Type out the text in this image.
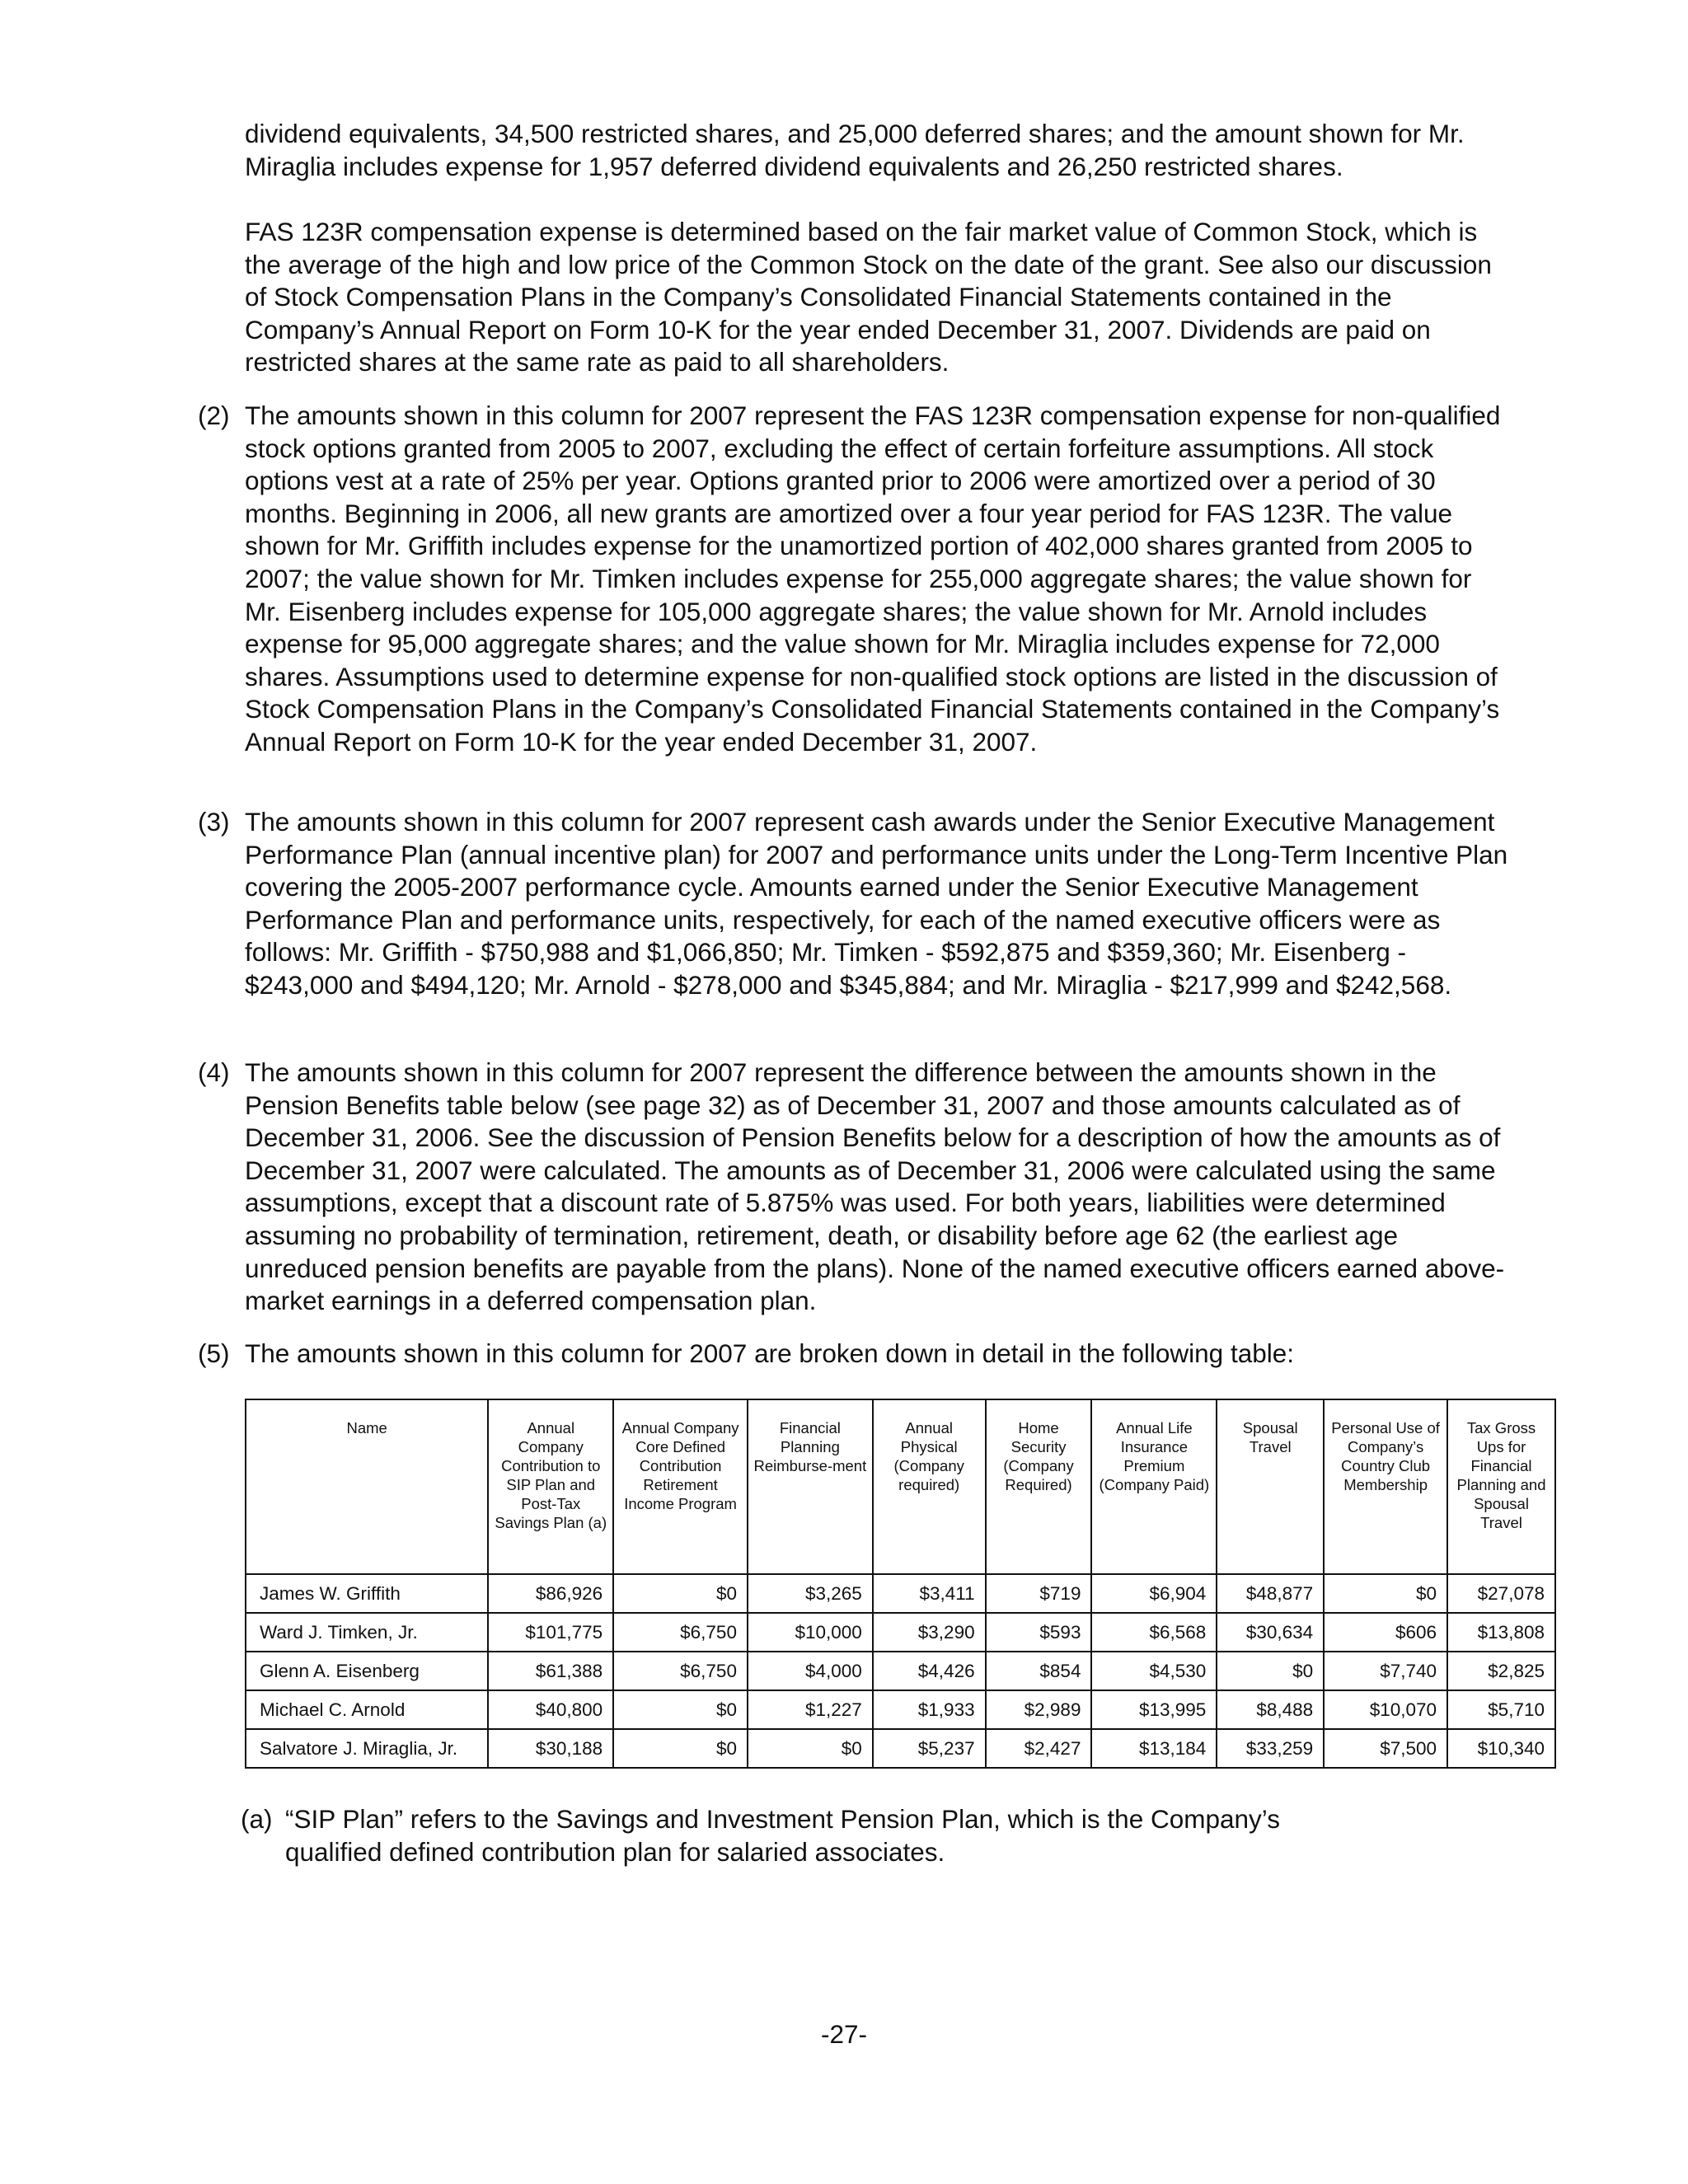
dividend equivalents, 34,500 restricted shares, and 25,000 deferred shares; and the amount shown for Mr. Miraglia includes expense for 1,957 deferred dividend equivalents and 26,250 restricted shares.

FAS 123R compensation expense is determined based on the fair market value of Common Stock, which is the average of the high and low price of the Common Stock on the date of the grant. See also our discussion of Stock Compensation Plans in the Company’s Consolidated Financial Statements contained in the Company’s Annual Report on Form 10-K for the year ended December 31, 2007. Dividends are paid on restricted shares at the same rate as paid to all shareholders.

(2) The amounts shown in this column for 2007 represent the FAS 123R compensation expense for non-qualified stock options granted from 2005 to 2007, excluding the effect of certain forfeiture assumptions. All stock options vest at a rate of 25% per year. Options granted prior to 2006 were amortized over a period of 30 months. Beginning in 2006, all new grants are amortized over a four year period for FAS 123R. The value shown for Mr. Griffith includes expense for the unamortized portion of 402,000 shares granted from 2005 to 2007; the value shown for Mr. Timken includes expense for 255,000 aggregate shares; the value shown for Mr. Eisenberg includes expense for 105,000 aggregate shares; the value shown for Mr. Arnold includes expense for 95,000 aggregate shares; and the value shown for Mr. Miraglia includes expense for 72,000 shares. Assumptions used to determine expense for non-qualified stock options are listed in the discussion of Stock Compensation Plans in the Company’s Consolidated Financial Statements contained in the Company’s Annual Report on Form 10-K for the year ended December 31, 2007.
(3) The amounts shown in this column for 2007 represent cash awards under the Senior Executive Management Performance Plan (annual incentive plan) for 2007 and performance units under the Long-Term Incentive Plan covering the 2005-2007 performance cycle. Amounts earned under the Senior Executive Management Performance Plan and performance units, respectively, for each of the named executive officers were as follows: Mr. Griffith - $750,988 and $1,066,850; Mr. Timken - $592,875 and $359,360; Mr. Eisenberg - $243,000 and $494,120; Mr. Arnold - $278,000 and $345,884; and Mr. Miraglia - $217,999 and $242,568.
(4) The amounts shown in this column for 2007 represent the difference between the amounts shown in the Pension Benefits table below (see page 32) as of December 31, 2007 and those amounts calculated as of December 31, 2006. See the discussion of Pension Benefits below for a description of how the amounts as of December 31, 2007 were calculated. The amounts as of December 31, 2006 were calculated using the same assumptions, except that a discount rate of 5.875% was used. For both years, liabilities were determined assuming no probability of termination, retirement, death, or disability before age 62 (the earliest age unreduced pension benefits are payable from the plans). None of the named executive officers earned above-market earnings in a deferred compensation plan.
(5) The amounts shown in this column for 2007 are broken down in detail in the following table:
Name	Annual Company Contribution to SIP Plan and Post-Tax Savings Plan (a)	Annual Company Core Defined Contribution Retirement Income Program	Financial Planning Reimburse-ment	Annual Physical (Company required)	Home Security (Company Required)	Annual Life Insurance Premium (Company Paid)	Spousal Travel	Personal Use of Company’s Country Club Membership	Tax Gross Ups for Financial Planning and Spousal Travel
James W. Griffith	$86,926	$0	$3,265	$3,411	$719	$6,904	$48,877	$0	$27,078
Ward J. Timken, Jr.	$101,775	$6,750	$10,000	$3,290	$593	$6,568	$30,634	$606	$13,808
Glenn A. Eisenberg	$61,388	$6,750	$4,000	$4,426	$854	$4,530	$0	$7,740	$2,825
Michael C. Arnold	$40,800	$0	$1,227	$1,933	$2,989	$13,995	$8,488	$10,070	$5,710
Salvatore J. Miraglia, Jr.	$30,188	$0	$0	$5,237	$2,427	$13,184	$33,259	$7,500	$10,340
(a) “SIP Plan” refers to the Savings and Investment Pension Plan, which is the Company’s qualified defined contribution plan for salaried associates.
-27-
